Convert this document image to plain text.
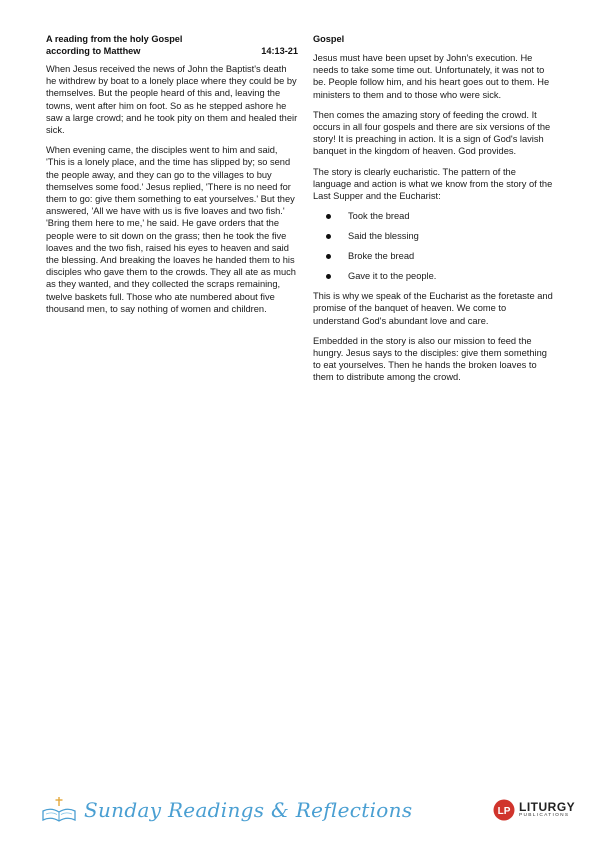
A reading from the holy Gospel
according to Matthew	14:13-21

When Jesus received the news of John the Baptist's death he withdrew by boat to a lonely place where they could be by themselves. But the people heard of this and, leaving the towns, went after him on foot. So as he stepped ashore he saw a large crowd; and he took pity on them and healed their sick.

When evening came, the disciples went to him and said, 'This is a lonely place, and the time has slipped by; so send the people away, and they can go to the villages to buy themselves some food.' Jesus replied, 'There is no need for them to go: give them something to eat yourselves.' But they answered, 'All we have with us is five loaves and two fish.' 'Bring them here to me,' he said. He gave orders that the people were to sit down on the grass; then he took the five loaves and the two fish, raised his eyes to heaven and said the blessing. And breaking the loaves he handed them to his disciples who gave them to the crowds. They all ate as much as they wanted, and they collected the scraps remaining, twelve baskets full. Those who ate numbered about five thousand men, to say nothing of women and children.

Gospel

Jesus must have been upset by John's execution. He needs to take some time out. Unfortunately, it was not to be. People follow him, and his heart goes out to them. He ministers to them and to those who were sick.

Then comes the amazing story of feeding the crowd. It occurs in all four gospels and there are six versions of the story! It is preaching in action. It is a sign of God's lavish banquet in the kingdom of heaven. God provides.

The story is clearly eucharistic. The pattern of the language and action is what we know from the story of the Last Supper and the Eucharist:

Took the bread
Said the blessing
Broke the bread
Gave it to the people.

This is why we speak of the Eucharist as the foretaste and promise of the banquet of heaven. We come to understand God's abundant love and care.

Embedded in the story is also our mission to feed the hungry. Jesus says to the disciples: give them something to eat yourselves. Then he hands the broken loaves to them to distribute among the crowd.

Sunday Readings & Reflections	LP LITURGY
PUBLICATIONS
